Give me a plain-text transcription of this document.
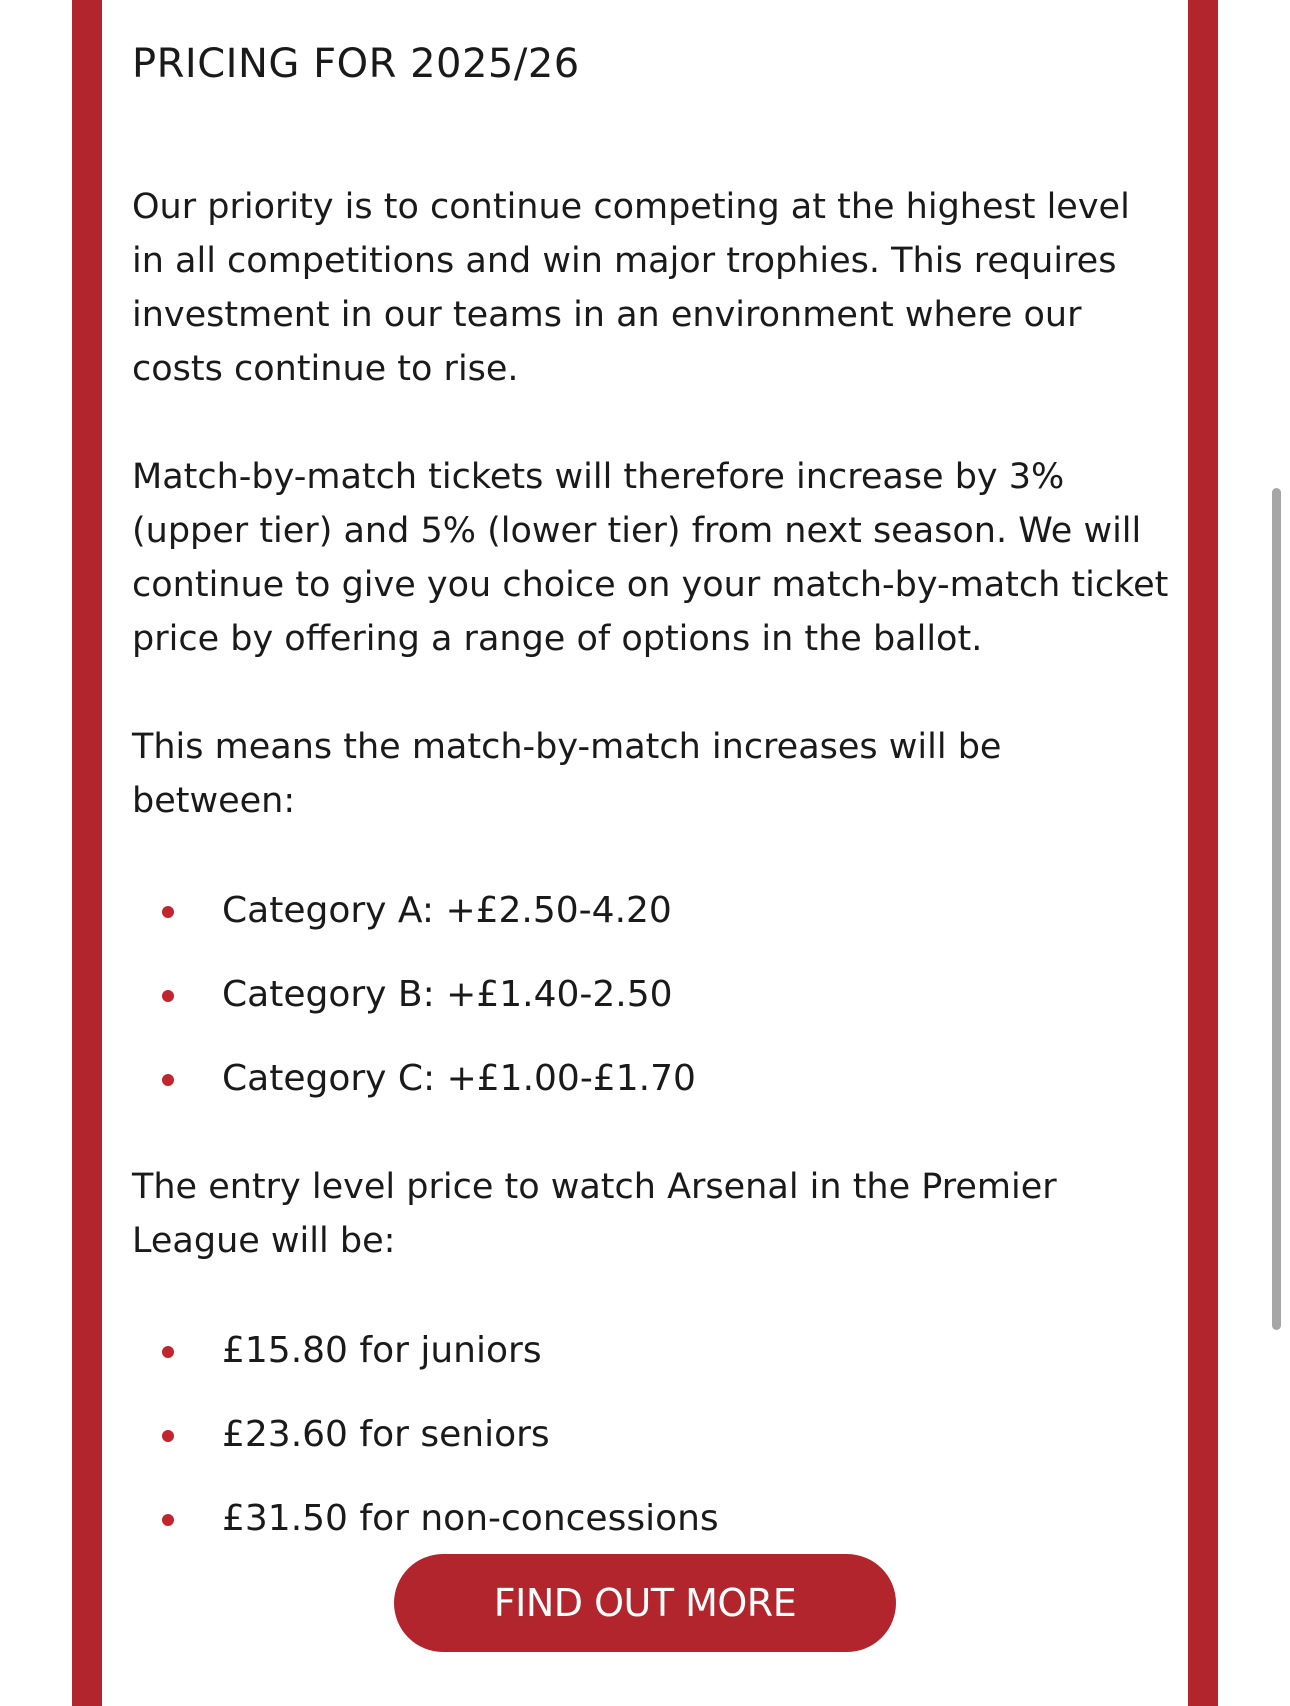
PRICING FOR 2025/26

Our priority is to continue competing at the highest level in all competitions and win major trophies. This requires investment in our teams in an environment where our costs continue to rise.

Match-by-match tickets will therefore increase by 3% (upper tier) and 5% (lower tier) from next season. We will continue to give you choice on your match-by-match ticket price by offering a range of options in the ballot.

This means the match-by-match increases will be between:

Category A: +£2.50-4.20
Category B: +£1.40-2.50
Category C: +£1.00-£1.70

The entry level price to watch Arsenal in the Premier League will be:

£15.80 for juniors
£23.60 for seniors
£31.50 for non-concessions
FIND OUT MORE
